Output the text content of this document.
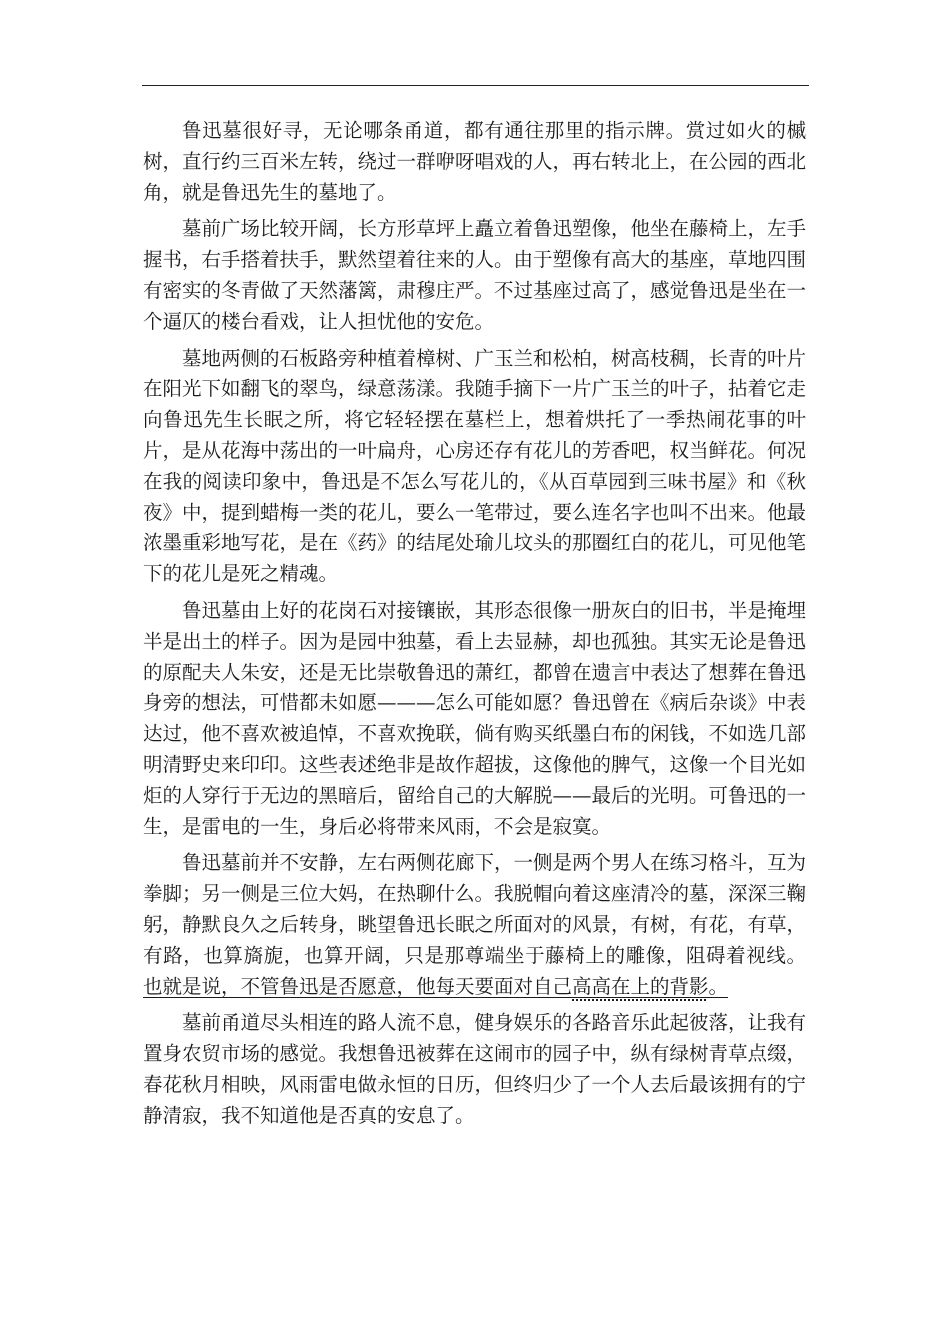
鲁迅墓很好寻，无论哪条甬道，都有通往那里的指示牌。赏过如火的槭树，直行约三百米左转，绕过一群咿呀唱戏的人，再右转北上，在公园的西北角，就是鲁迅先生的墓地了。

墓前广场比较开阔，长方形草坪上矗立着鲁迅塑像，他坐在藤椅上，左手握书，右手搭着扶手，默然望着往来的人。由于塑像有高大的基座，草地四围有密实的冬青做了天然藩篱，肃穆庄严。不过基座过高了，感觉鲁迅是坐在一个逼仄的楼台看戏，让人担忧他的安危。

墓地两侧的石板路旁种植着樟树、广玉兰和松柏，树高枝稠，长青的叶片在阳光下如翻飞的翠鸟，绿意荡漾。我随手摘下一片广玉兰的叶子，拈着它走向鲁迅先生长眠之所，将它轻轻摆在墓栏上，想着烘托了一季热闹花事的叶片，是从花海中荡出的一叶扁舟，心房还存有花儿的芳香吧，权当鲜花。何况在我的阅读印象中，鲁迅是不怎么写花儿的，《从百草园到三味书屋》和《秋夜》中，提到蜡梅一类的花儿，要么一笔带过，要么连名字也叫不出来。他最浓墨重彩地写花，是在《药》的结尾处瑜儿坟头的那圈红白的花儿，可见他笔下的花儿是死之精魂。

鲁迅墓由上好的花岗石对接镶嵌，其形态很像一册灰白的旧书，半是掩埋半是出土的样子。因为是园中独墓，看上去显赫，却也孤独。其实无论是鲁迅的原配夫人朱安，还是无比崇敬鲁迅的萧红，都曾在遗言中表达了想葬在鲁迅身旁的想法，可惜都未如愿———怎么可能如愿？鲁迅曾在《病后杂谈》中表达过，他不喜欢被追悼，不喜欢挽联，倘有购买纸墨白布的闲钱，不如选几部明清野史来印印。这些表述绝非是故作超拔，这像他的脾气，这像一个目光如炬的人穿行于无边的黑暗后，留给自己的大解脱——最后的光明。可鲁迅的一生，是雷电的一生，身后必将带来风雨，不会是寂寞。

鲁迅墓前并不安静，左右两侧花廊下，一侧是两个男人在练习格斗，互为拳脚；另一侧是三位大妈，在热聊什么。我脱帽向着这座清冷的墓，深深三鞠躬，静默良久之后转身，眺望鲁迅长眠之所面对的风景，有树，有花，有草，有路，也算旖旎，也算开阔，只是那尊端坐于藤椅上的雕像，阻碍着视线。也就是说，不管鲁迅是否愿意，他每天要面对自己高高在上的背影。

墓前甬道尽头相连的路人流不息，健身娱乐的各路音乐此起彼落，让我有置身农贸市场的感觉。我想鲁迅被葬在这闹市的园子中，纵有绿树青草点缀，春花秋月相映，风雨雷电做永恒的日历，但终归少了一个人去后最该拥有的宁静清寂，我不知道他是否真的安息了。
